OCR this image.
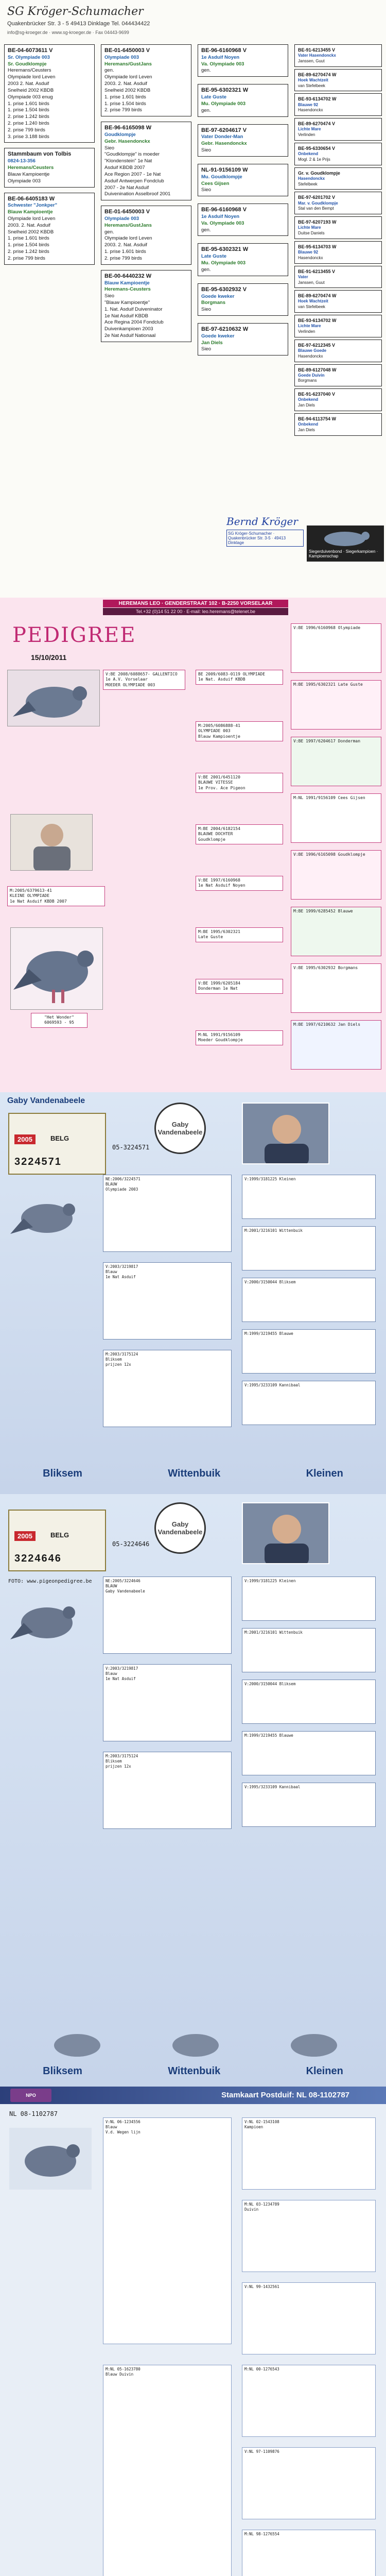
SG Kröger-Schumacher
Quakenbrücker Str. 3 - 5 49413 Dinklage Tel. 044434422
info@sg-kroeger.de · www.sg-kroeger.de · Fax 04443-9699
BE-04-6073611 V
Sr. Olympiade 003
Sr. Goudklompje
Heremans/Ceusters
Olympiade lord Leven
2003 2. Nat. Asduif
Snelheid 2002 KBDB
Olympiade 003 enug
1. prise 1.601 birds
1. prise 1.504 birds
2. prise 1.242 birds
2. prise 1.240 birds
2. prise 799 birds
3. prise 3.188 birds
Stammbaum von Tolbis
0824-13-356
Heremans/Ceusters
Blauw Kampioentje
Olympiade 003
BE-06-6405183 W
Schwester "Jonkper"
Blauw Kampioentje
Olympiade lord Leven
2003. 2. Nat. Asduif
Snelheid 2002 KBDB
1. prise 1.601 birds
1. prise 1.504 birds
2. prise 1.242 birds
2. prise 799 birds
BE-01-6450003 V
Olympiade 003
Heremans/GustJans
gen.
Olympiade lord Leven
2003. 2. Nat. Asduif
Snelheid 2002 KBDB
1. prise 1.601 birds
1. prise 1.504 birds
2. prise 799 birds
BE-96-6165098 W
Goudklompje
Gebr. Hasendonckx
Sieo
"Goudklompje" is moeder
"Klondenstein" 1e Nat
Asduif KBDB 2007
Ace Region 2007 - 1e Nat
Asduif Antwerpen Fondclub
2007 - 2e Nat Asduif
Duivenination Asselbroof 2001
BE-01-6450003 V
Olympiade 003
Heremans/GustJans
gen.
Olympiade lord Leven
2003. 2. Nat. Asduif
1. prise 1.601 birds
2. prise 799 birds
BE-00-6440232 W
Blauw Kampioentje
Heremans-Ceusters
Sieo
"Blauw Kampioentje"
1. Nat. Asduif Duiveninator
1e Nat Asduif KBDB
Ace Regina 2004 Fondclub
Duivenkampioen 2003
2e Nat Asduif Nationaal
BE-96-6160968 V
1e Asduif Noyen
Va. Olympiade 003
gen.
BE-95-6302321 W
Late Guste
Mu. Olympiade 003
gen.
BE-97-6204617 V
Vater Donder-Man
Gebr. Hasendonckx
Sieo
NL-91-9156109 W
Mu. Goudklompje
Cees Gijsen
Sieo
BE-96-6160968 V
1e Asduif Noyen
Va. Olympiade 003
gen.
BE-95-6302321 W
Late Guste
Mu. Olympiade 003
gen.
BE-95-6302932 V
Goede kweker
Borgmans
Sieo
BE-97-6210632 W
Goede kweker
Jan Diels
Sieo
BE-91-6213455 V
Vater Hasendonckx
Janssen, Guut
BE-89-6270474 W
Hoek Wachtzeit
van Stefelbeek
BE-93-6134702 W
Blauwe 92
Hasendonckx
BE-89-6270474 V
Lichte Mare
Verlinden
BE-95-6330654 V
Onbekend
Mogl. 2 & 1e Prijs
Gr. v. Goudklompje
Hasendonckx
Stefelbeek
BE-97-6201702 V
Mar. v. Goudklompje
Stal van den Bempt
BE-97-6207193 W
Lichte Mare
Duitse Daniels
BE-95-6134703 W
Blauwe 92
Hasendonckx
BE-91-6213455 V
Vater
Janssen, Guut
BE-89-6270474 W
Hoek Wachtzeit
van Stefelbeek
BE-93-6134702 W
Lichte Mare
Verlinden
BE-97-6212345 V
Blauwe Goede
Hasendonckx
BE-89-6127048 W
Goede Duivin
Borgmans
BE-91-6237040 V
Onbekend
Jan Diels
BE-94-6113754 W
Onbekend
Jan Diels
Bernd Kröger
SG Kröger-Schumacher · Quakenbrücker Str. 3-5 · 49413 Dinklage
Siegerduivenbond · Siegerkampioen · Kampioenschap
HEREMANS LEO · GENDERSTRAAT 102 · B-2250 VORSELAAR
Tel.+32 (0)14 51 22 00 · E-mail: leo.heremans@telenet.be
PEDIGREE
15/10/2011
V:BE 2008/6088657- GALLENTICO
1e A.V. Vorselaar
MOEDER OLYMPIADE 003
M:2005/6379613-41
KLEINE OLYMPIADE
1e Nat Asduif KBDB 2007
"Het Wonder"
6069593 - 95
BE 2009/6083-0119 OLYMPIADE
1e Nat. Asduif KBDB
M:2005/6086888-41
OLYMPIADE 003
Blauw Kampioentje
V:BE 2001/6451120
BLAUWE VITESSE
1e Prov. Ace Pigeon
M:BE 2004/6182154
BLAUWE DOCHTER
Goudklompje
V:BE 1997/6160968
1e Nat Asduif Noyen
M:BE 1995/6302321
Late Guste
V:BE 1999/6205184
Donderman 1e Nat
M:NL 1991/9156109
Moeder Goudklompje
V:BE 1996/6160968 Olympiade
M:BE 1995/6302321 Late Guste
V:BE 1997/6204617 Donderman
M:NL 1991/9156109 Cees Gijsen
V:BE 1996/6165098 Goudklompje
M:BE 1999/6285452 Blauwe
V:BE 1995/6302932 Borgmans
M:BE 1997/6210632 Jan Diels
Gaby Vandenabeele
2005	BELG
3224571
05-3224571
Gaby Vandenabeele
Bliksem	Wittenbuik	Kleinen
NE:2006/3224571
BLAUW
Olympiade 2003
V:2003/3219817
Blauw
1e Nat Asduif
M:2003/3175124
Bliksem
prijzen 12x
V:1999/3181225 Kleinen
M:2001/3216101 Wittenbuik
V:2000/3150044 Bliksem
M:1999/3219455 Blauwe
V:1995/3233109 Kannibaal
2005	BELG
3224646
05-3224646
Gaby Vandenabeele
FOTO: www.pigeonpedigree.be
Bliksem	Wittenbuik	Kleinen
NE:2005/3224646
BLAUW
Gaby Vandenabeele
V:2003/3219817
Blauw
1e Nat Asduif
M:2003/3175124
Bliksem
prijzen 12x
V:1999/3181225 Kleinen
M:2001/3216101 Wittenbuik
V:2000/3150044 Bliksem
M:1999/3219455 Blauwe
V:1995/3233109 Kannibaal
NPO	Stamkaart Postduif: NL 08-1102787
NL 08-1102787
V:NL 06-1234556
Blauw
V.d. Wegen lijn
M:NL 05-1623780
Blauw Duivin
V:NL 02-1543108
Kampioen
M:NL 03-1234789
Duivin
V:NL 99-1432561
M:NL 00-1276543
V:NL 97-1109876
M:NL 98-1276554
